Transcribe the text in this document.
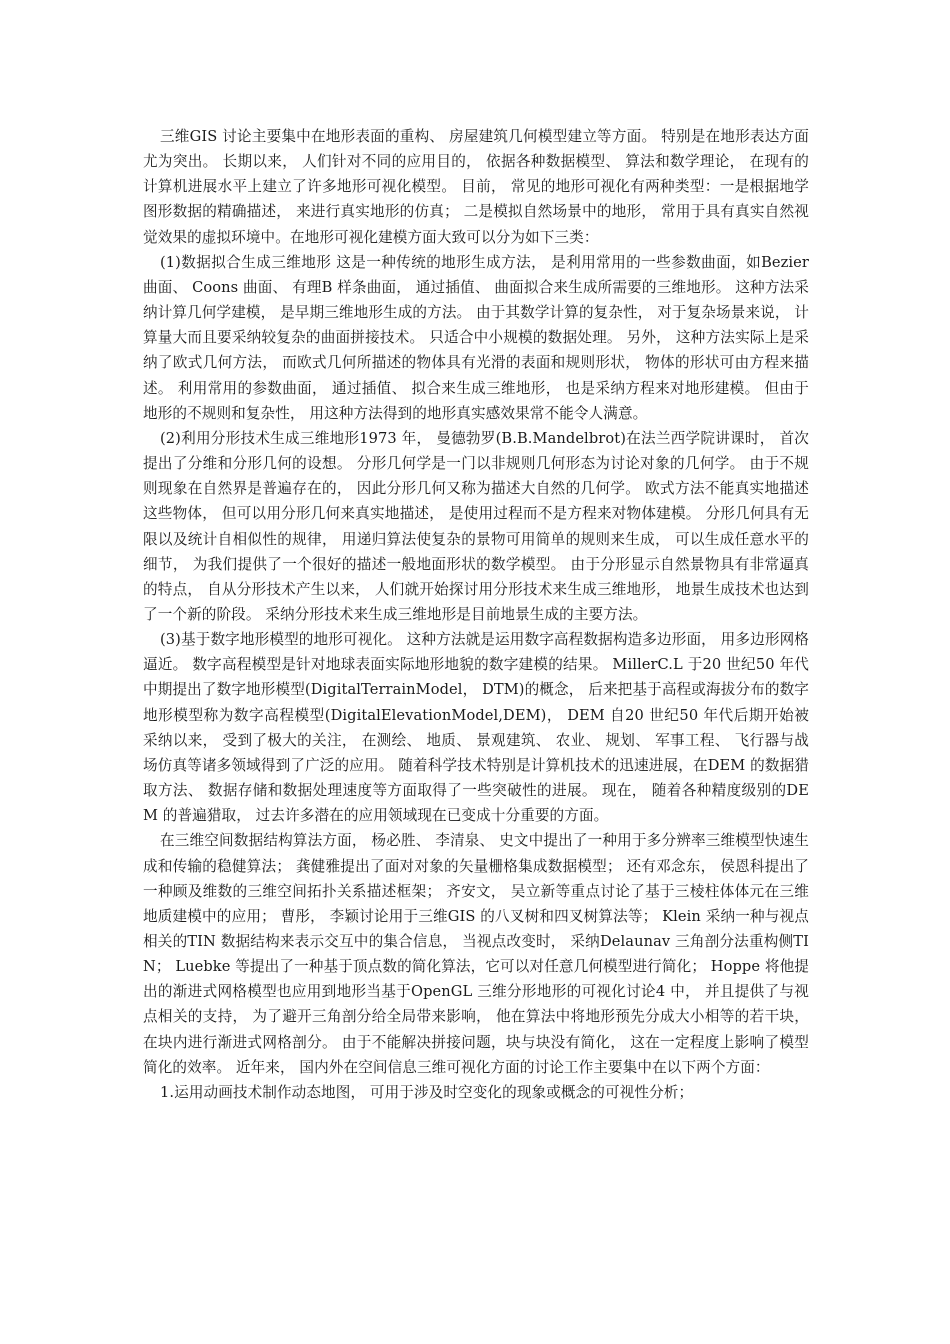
三维GIS 讨论主要集中在地形表面的重构、 房屋建筑几何模型建立等方面。 特别是在地形表达方面尤为突出。 长期以来， 人们针对不同的应用目的， 依据各种数据模型、 算法和数学理论， 在现有的计算机进展水平上建立了许多地形可视化模型。 目前， 常见的地形可视化有两种类型：一是根据地学图形数据的精确描述， 来进行真实地形的仿真； 二是模拟自然场景中的地形， 常用于具有真实自然视觉效果的虚拟环境中。在地形可视化建模方面大致可以分为如下三类：

(1)数据拟合生成三维地形 这是一种传统的地形生成方法， 是利用常用的一些参数曲面，如Bezier 曲面、 Coons 曲面、 有理B 样条曲面， 通过插值、 曲面拟合来生成所需要的三维地形。 这种方法采纳计算几何学建模， 是早期三维地形生成的方法。 由于其数学计算的复杂性， 对于复杂场景来说， 计算量大而且要采纳较复杂的曲面拼接技术。 只适合中小规模的数据处理。 另外， 这种方法实际上是采纳了欧式几何方法， 而欧式几何所描述的物体具有光滑的表面和规则形状， 物体的形状可由方程来描述。 利用常用的参数曲面， 通过插值、 拟合来生成三维地形， 也是采纳方程来对地形建模。 但由于地形的不规则和复杂性， 用这种方法得到的地形真实感效果常不能令人满意。

(2)利用分形技术生成三维地形1973 年， 曼德勃罗(B.B.Mandelbrot)在法兰西学院讲课时， 首次提出了分维和分形几何的设想。 分形几何学是一门以非规则几何形态为讨论对象的几何学。 由于不规则现象在自然界是普遍存在的， 因此分形几何又称为描述大自然的几何学。 欧式方法不能真实地描述这些物体， 但可以用分形几何来真实地描述， 是使用过程而不是方程来对物体建模。 分形几何具有无限以及统计自相似性的规律， 用递归算法使复杂的景物可用简单的规则来生成， 可以生成任意水平的细节， 为我们提供了一个很好的描述一般地面形状的数学模型。 由于分形显示自然景物具有非常逼真的特点， 自从分形技术产生以来， 人们就开始探讨用分形技术来生成三维地形， 地景生成技术也达到了一个新的阶段。 采纳分形技术来生成三维地形是目前地景生成的主要方法。

(3)基于数字地形模型的地形可视化。 这种方法就是运用数字高程数据构造多边形面， 用多边形网格逼近。 数字高程模型是针对地球表面实际地形地貌的数字建模的结果。 MillerC.L 于20 世纪50 年代中期提出了数字地形模型(DigitalTerrainModel， DTM)的概念， 后来把基于高程或海拔分布的数字地形模型称为数字高程模型(DigitalElevationModel,DEM)， DEM 自20 世纪50 年代后期开始被采纳以来， 受到了极大的关注， 在测绘、 地质、 景观建筑、 农业、 规划、 军事工程、 飞行器与战场仿真等诸多领域得到了广泛的应用。 随着科学技术特别是计算机技术的迅速进展，在DEM 的数据猎取方法、 数据存储和数据处理速度等方面取得了一些突破性的进展。 现在， 随着各种精度级别的DEM 的普遍猎取， 过去许多潜在的应用领域现在已变成十分重要的方面。

在三维空间数据结构算法方面， 杨必胜、 李清泉、 史文中提出了一种用于多分辨率三维模型快速生成和传输的稳健算法； 龚健雅提出了面对对象的矢量栅格集成数据模型； 还有邓念东， 侯恩科提出了一种顾及维数的三维空间拓扑关系描述框架； 齐安文， 吴立新等重点讨论了基于三棱柱体体元在三维地质建模中的应用； 曹彤， 李颖讨论用于三维GIS 的八叉树和四叉树算法等； Klein 采纳一种与视点相关的TIN 数据结构来表示交互中的集合信息， 当视点改变时， 采纳Delaunav 三角剖分法重构侧TIN； Luebke 等提出了一种基于顶点数的简化算法，它可以对任意几何模型进行简化； Hoppe 将他提出的渐进式网格模型也应用到地形当基于OpenGL 三维分形地形的可视化讨论4 中， 并且提供了与视点相关的支持， 为了避开三角剖分给全局带来影响， 他在算法中将地形预先分成大小相等的若干块， 在块内进行渐进式网格剖分。 由于不能解决拼接问题，块与块没有简化， 这在一定程度上影响了模型简化的效率。 近年来， 国内外在空间信息三维可视化方面的讨论工作主要集中在以下两个方面：

1.运用动画技术制作动态地图， 可用于涉及时空变化的现象或概念的可视性分析；
